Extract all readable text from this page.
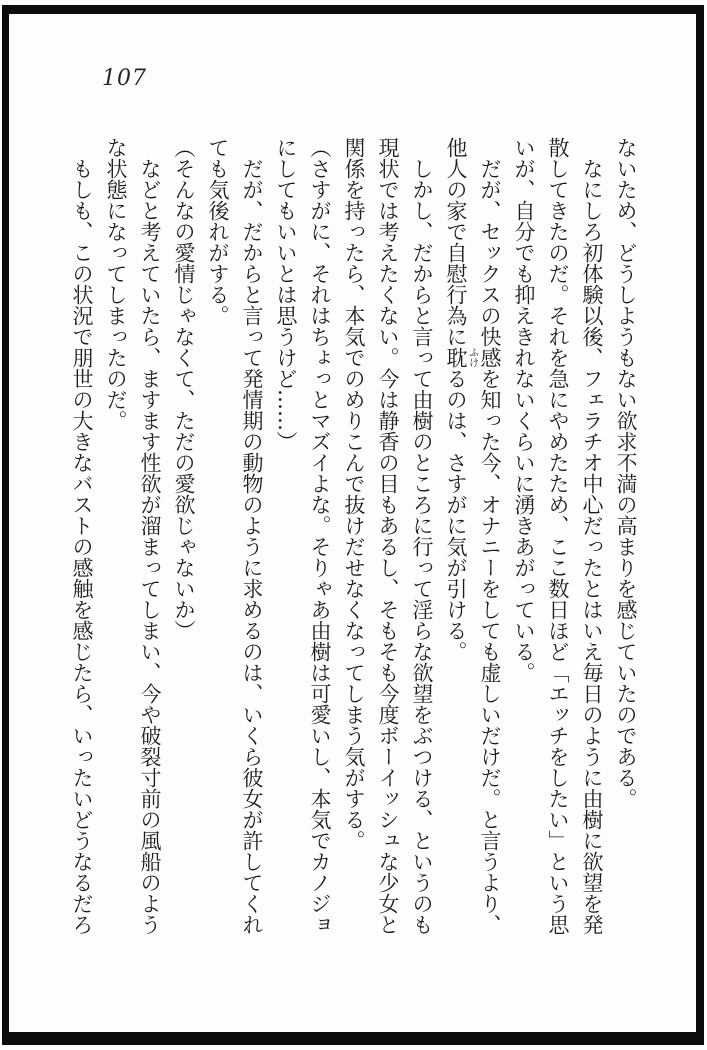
107

ないため、どうしようもない欲求不満の高まりを感じていたのである。

なにしろ初体験以後、フェラチオ中心だったとはいえ毎日のように由樹に欲望を発散してきたのだ。それを急にやめたため、ここ数日ほど「エッチをしたい」という思いが、自分でも抑えきれないくらいに湧きあがっている。

だが、セックスの快感を知った今、オナニーをしても虚しいだけだ。と言うより、他人の家で自慰行為に耽ふけるのは、さすがに気が引ける。

しかし、だからと言って由樹のところに行って淫らな欲望をぶつける、というのも現状では考えたくない。今は静香の目もあるし、そもそも今度ボーイッシュな少女と関係を持ったら、本気でのめりこんで抜けだせなくなってしまう気がする。

（さすがに、それはちょっとマズイよな。そりゃあ由樹は可愛いし、本気でカノジョにしてもいいとは思うけど……）

だが、だからと言って発情期の動物のように求めるのは、いくら彼女が許してくれても気後れがする。

（そんなの愛情じゃなくて、ただの愛欲じゃないか）

などと考えていたら、ますます性欲が溜まってしまい、今や破裂寸前の風船のような状態になってしまったのだ。

もしも、この状況で朋世の大きなバストの感触を感じたら、いったいどうなるだろ
